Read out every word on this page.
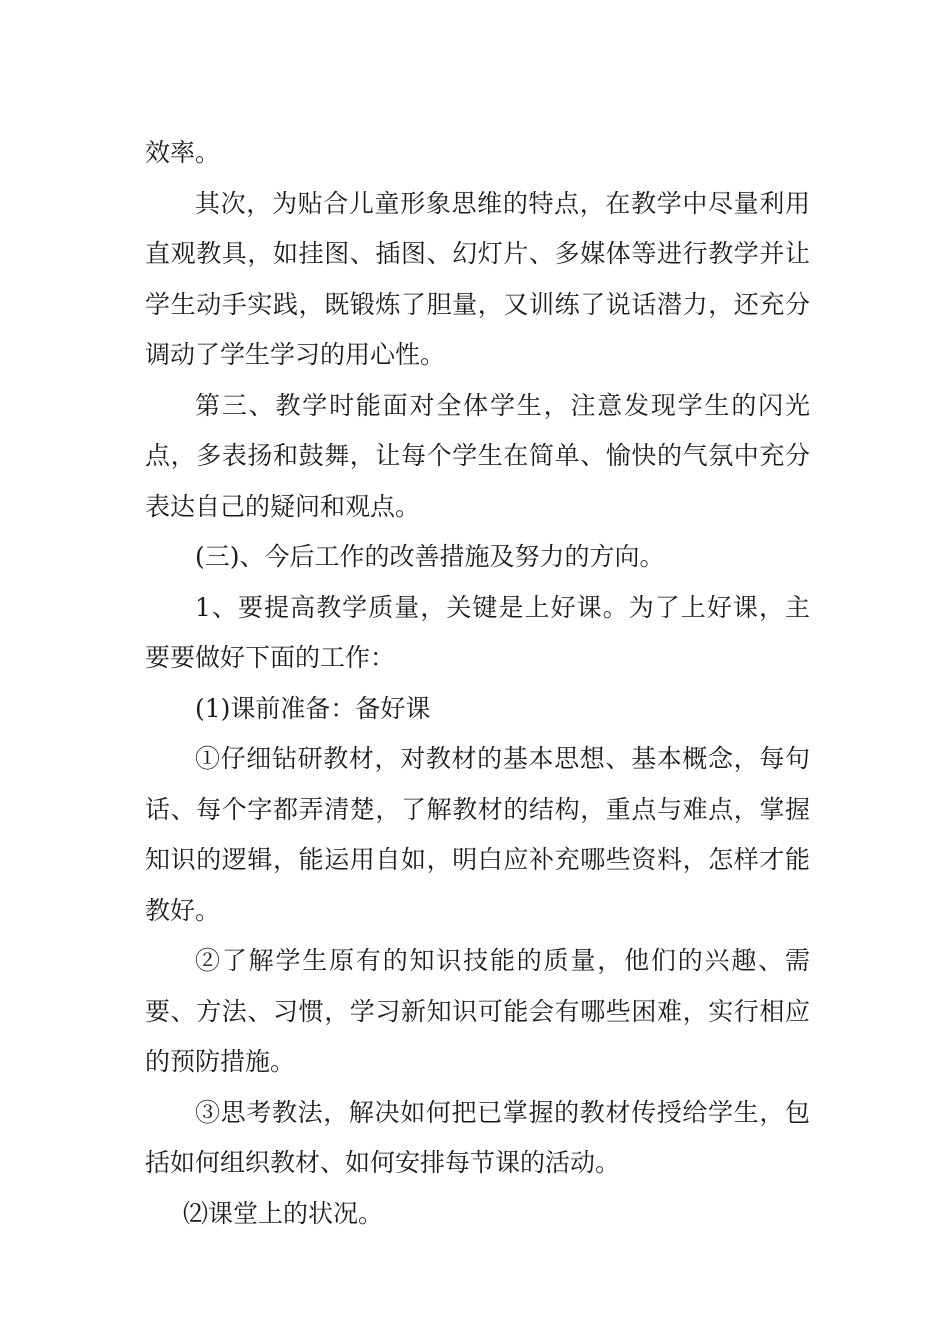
效率。

其次，为贴合儿童形象思维的特点，在教学中尽量利用直观教具，如挂图、插图、幻灯片、多媒体等进行教学并让学生动手实践，既锻炼了胆量，又训练了说话潜力，还充分调动了学生学习的用心性。

第三、教学时能面对全体学生，注意发现学生的闪光点，多表扬和鼓舞，让每个学生在简单、愉快的气氛中充分表达自己的疑问和观点。

(三)、今后工作的改善措施及努力的方向。

1、要提高教学质量，关键是上好课。为了上好课，主要要做好下面的工作：

(1)课前准备：备好课

①仔细钻研教材，对教材的基本思想、基本概念，每句话、每个字都弄清楚，了解教材的结构，重点与难点，掌握知识的逻辑，能运用自如，明白应补充哪些资料，怎样才能教好。

②了解学生原有的知识技能的质量，他们的兴趣、需要、方法、习惯，学习新知识可能会有哪些困难，实行相应的预防措施。

③思考教法，解决如何把已掌握的教材传授给学生，包括如何组织教材、如何安排每节课的活动。

⑵课堂上的状况。
